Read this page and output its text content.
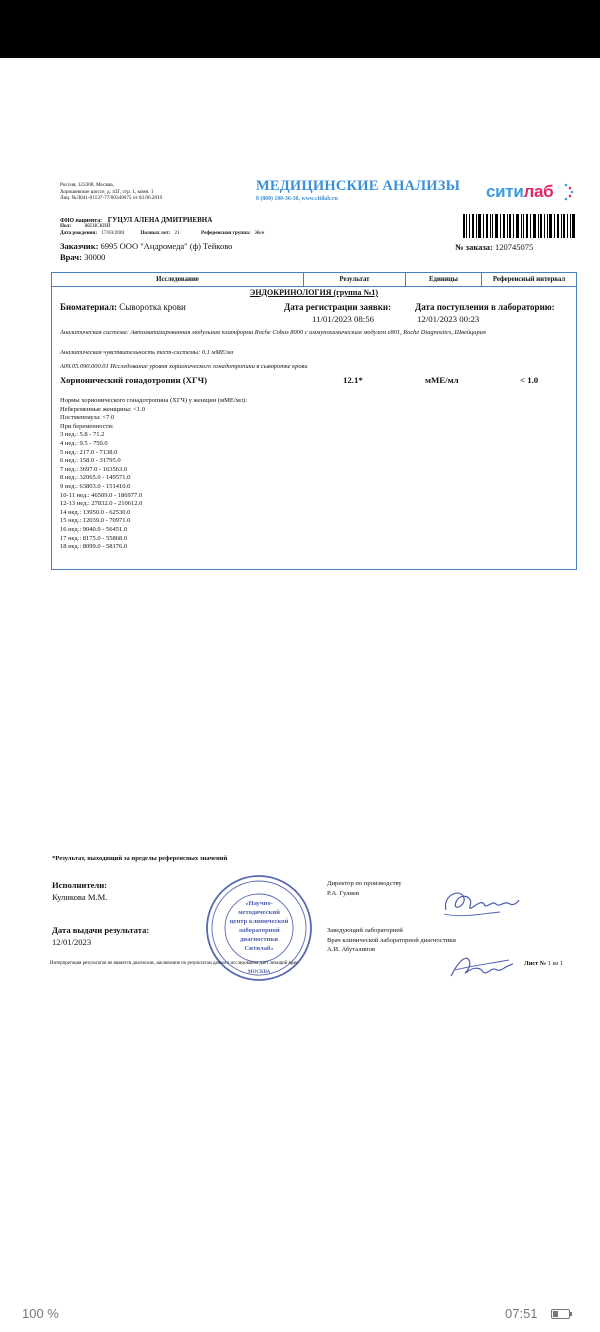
Россия, 123308, Москва,
Хорошевское шоссе, д. 43Г, стр. 1, комн. 1
Лиц. №Л041-01137-77/00349075 от 03.06.2019
МЕДИЦИНСКИЕ АНАЛИЗЫ
8 (800) 100-36-30, www.citilab.ru	ситилаб
ФИО пациента: ГУЦУЛ АЛЕНА ДМИТРИЕВНА
Пол:	ЖЕНСКИЙ
Дата рождения: 17/03/2001	Полных лет: 21	Референсная группа: Жен
Заказчик: 6995 ООО "Андромеда" (ф) Тейково
Врач: 30000
№ заказа: 120745075
Исследование	Результат	Единицы	Референсный интервал
ЭНДОКРИНОЛОГИЯ (группа №1)
Биоматериал: Сыворотка крови	Дата регистрации заявки:
11/01/2023 08:56
Дата поступления в лабораторию:
12/01/2023 00:23
Аналитическая система: Автоматизированная модульная платформа Roche Cobas 8000 с иммунохимическим модулем е801, Roche Diagnostics, Швейцария
Аналитическая чувствительность тест-системы: 0.1 мМЕ/мл
А09.05.090.000.01 Исследование уровня хорионического гонадотропина в сыворотке крови
Хорионический гонадотропин (ХГЧ)	12.1*	мМЕ/мл	< 1.0
Нормы хорионического гонадотропина (ХГЧ) у женщин (мМЕ/мл):
Небеременные женщины: <1.0
Постменпауза: <7.0
При беременности:
3 нед.: 5.8 - 71.2
4 нед.: 9.5 - 750.0
5 нед.: 217.0 - 7138.0
6 нед.: 158.0 - 31795.0
7 нед.: 3697.0 - 163563.0
8 нед.: 32065.0 - 149571.0
9 нед.: 63803.0 - 151410.0
10-11 нед.: 46509.0 - 186977.0
12-13 нед.: 27832.0 - 210612.0
14 нед.: 13950.0 - 62530.0
15 нед.: 12039.0 - 70971.0
16 нед.: 9040.0 - 56451.0
17 нед.: 8175.0 - 55868.0
18 нед.: 8099.0 - 58176.0
*Результат, выходящий за пределы референсных значений
Исполнители:
Куликова М.М.
Дата выдачи результата:
12/01/2023
Директор по производству
Р.А. Гулиев
Заведующий лабораторией
Врач клинической лабораторной диагностики
А.И. Абуталипов
«Научно-
методический
центр клинической
лабораторной
диагностики
Ситилаб»
МОСКВА
Интерпретация результатов не является диагнозом, заключение по результатам данного исследования дает лечащий врач.	Лист № 1 из 1
100 %	07:51
